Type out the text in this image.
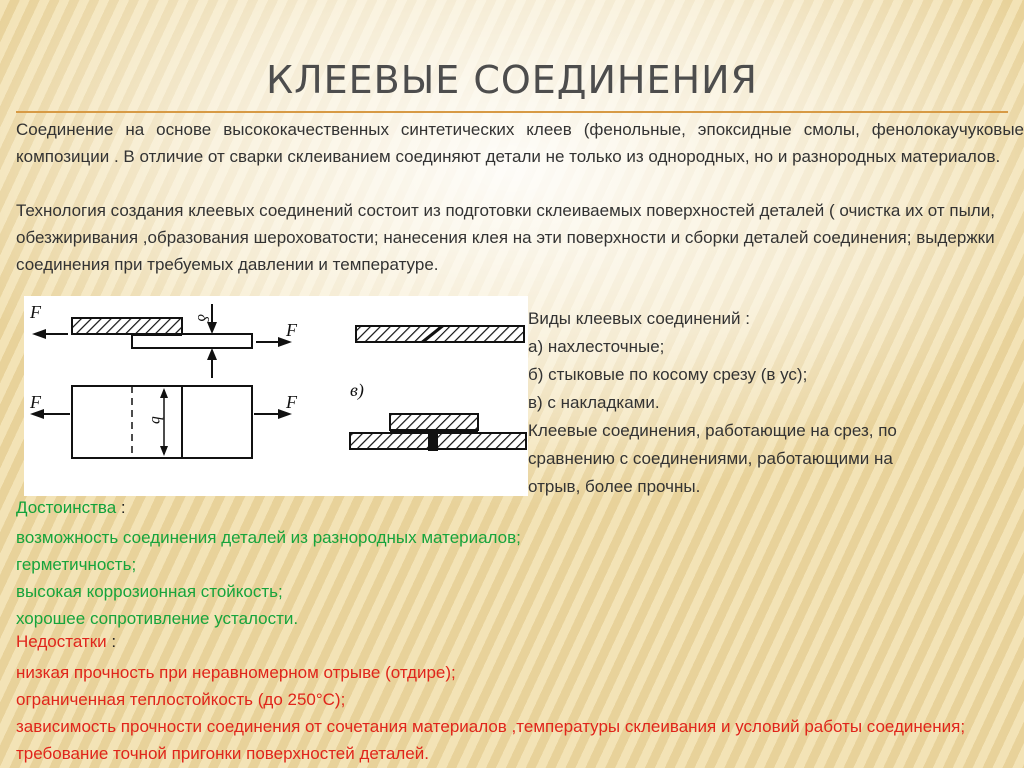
КЛЕЕВЫЕ СОЕДИНЕНИЯ

Соединение на основе высококачественных синтетических клеев (фенольные, эпоксидные смолы, фенолокаучуковые композиции . В отличие от сварки склеиванием соединяют детали не только из однородных, но и разнородных материалов.

Технология создания клеевых соединений состоит из подготовки склеиваемых поверхностей деталей ( очистка их от пыли, обезжиривания ,образования шероховатости; нанесения клея на эти поверхности и сборки деталей соединения; выдержки соединения при требуемых давлении и температуре.

F
F
δ
F	F
b
в)
Виды клеевых соединений :
а) нахлесточные;
б) стыковые по косому срезу (в ус);
в) с накладками.
Клеевые соединения, работающие на срез, по
сравнению с соединениями, работающими на
отрыв, более прочны.

Достоинства :

возможность соединения деталей из разнородных материалов;
герметичность;
высокая коррозионная стойкость;
хорошее сопротивление усталости.

Недостатки :

низкая прочность при неравномерном отрыве (отдире);
ограниченная теплостойкость (до 250°С);
зависимость прочности соединения от сочетания материалов ,температуры склеивания и условий работы соединения; требование точной пригонки поверхностей деталей.
